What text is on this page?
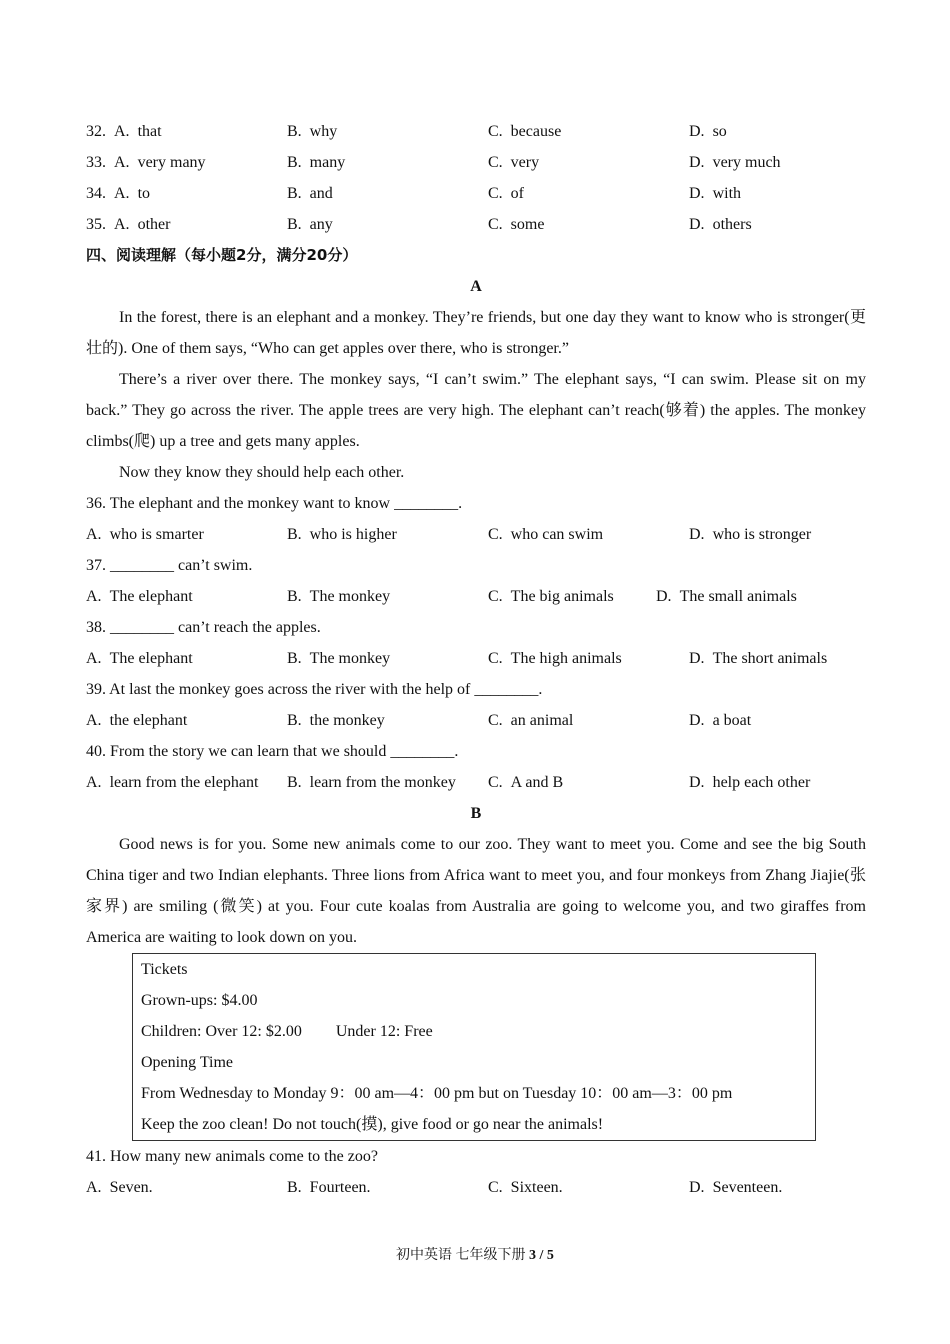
32. A. that	B. why	C. because	D. so
33. A. very many	B. many	C. very	D. very much
34. A. to	B. and	C. of	D. with
35. A. other	B. any	C. some	D. others
四、阅读理解（每小题2分，满分20分）
A

In the forest, there is an elephant and a monkey. They’re friends, but one day they want to know who is stronger(更壮的). One of them says, “Who can get apples over there, who is stronger.”

There’s a river over there. The monkey says, “I can’t swim.” The elephant says, “I can swim. Please sit on my back.” They go across the river. The apple trees are very high. The elephant can’t reach(够着) the apples. The monkey climbs(爬) up a tree and gets many apples.

Now they know they should help each other.

36. The elephant and the monkey want to know ________.
A. who is smarter	B. who is higher	C. who can swim	D. who is stronger
37. ________ can’t swim.
A. The elephant	B. The monkey	C. The big animals	D. The small animals
38. ________ can’t reach the apples.
A. The elephant	B. The monkey	C. The high animals	D. The short animals
39. At last the monkey goes across the river with the help of ________.
A. the elephant	B. the monkey	C. an animal	D. a boat
40. From the story we can learn that we should ________.
A. learn from the elephant B. learn from the monkey C. A and B	D. help each other
B

Good news is for you. Some new animals come to our zoo. They want to meet you. Come and see the big South China tiger and two Indian elephants. Three lions from Africa want to meet you, and four monkeys from Zhang Jiajie(张家界) are smiling (微笑) at you. Four cute koalas from Australia are going to welcome you, and two giraffes from America are waiting to look down on you.

Tickets
Grown-ups: $4.00
Children: Over 12: $2.00 Under 12: Free
Opening Time
From Wednesday to Monday 9：00 am—4：00 pm but on Tuesday 10：00 am—3：00 pm
Keep the zoo clean! Do not touch(摸), give food or go near the animals!
41. How many new animals come to the zoo?
A. Seven.	B. Fourteen.	C. Sixteen.	D. Seventeen.
初中英语 七年级下册 3 / 5
